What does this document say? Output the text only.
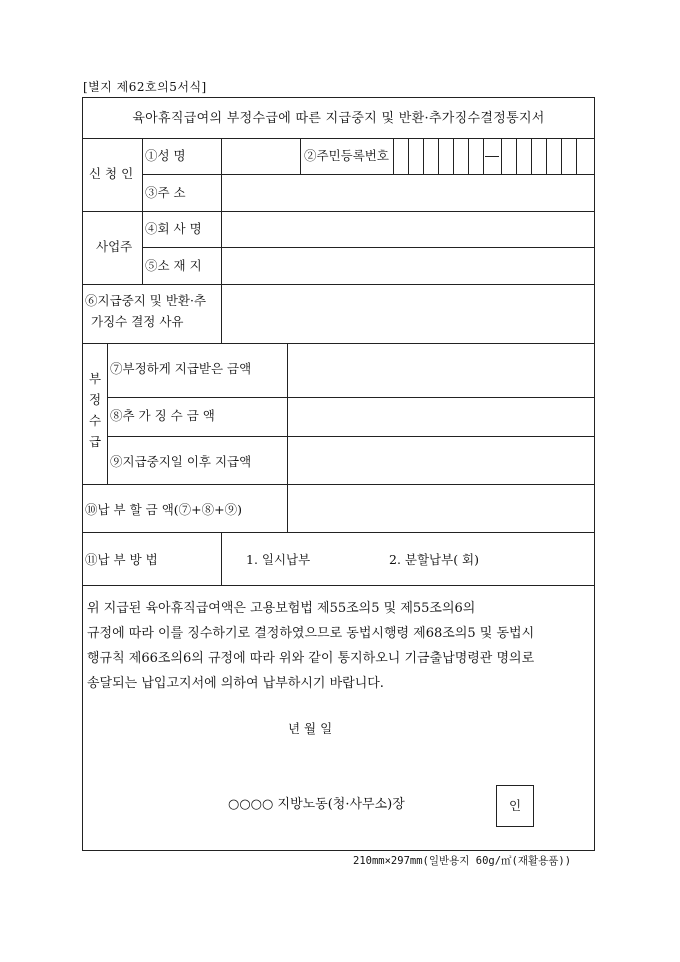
[별지 제62호의5서식]
육아휴직급여의 부정수급에 따른 지급중지 및 반환·추가징수결정통지서
신 청 인
①성 명	②주민등록번호
③주 소
사업주
④회 사 명
⑤소 재 지
⑥지급중지 및 반환·추
가징수 결정 사유
부
정
수
급
⑦부정하게 지급받은 금액
⑧추 가 징 수 금 액
⑨지급중지일 이후 지급액
⑩납 부 할 금 액(⑦+⑧+⑨)
⑪납 부 방 법	1. 일시납부	2. 분할납부( 회)
위 지급된 육아휴직급여액은 고용보험법 제55조의5 및 제55조의6의
규정에 따라 이를 징수하기로 결정하였으므로 동법시행령 제68조의5 및 동법시
행규칙 제66조의6의 규정에 따라 위와 같이 통지하오니 기금출납명령관 명의로
송달되는 납입고지서에 의하여 납부하시기 바랍니다.
년 월 일
○○○○ 지방노동(청·사무소)장	인
210mm×297mm(일반용지 60g/㎡(재활용품))
